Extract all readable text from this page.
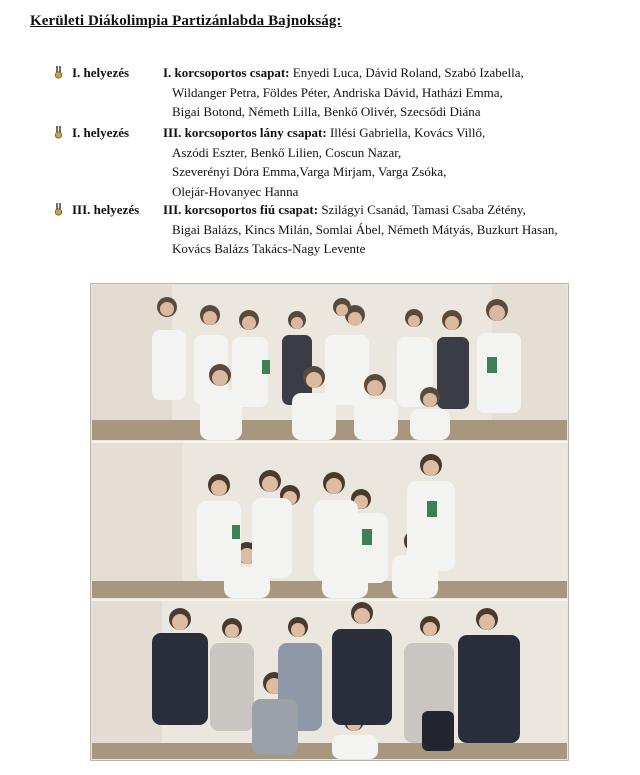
Kerületi Diákolimpia Partizánlabda Bajnokság:
I. helyezés	I. korcsoportos csapat: Enyedi Luca, Dávid Roland, Szabó Izabella,
Wildanger Petra, Földes Péter, Andriska Dávid, Hatházi Emma,
Bigai Botond, Németh Lilla, Benkő Olivér, Szecsődi Diána
I. helyezés	III. korcsoportos lány csapat: Illési Gabriella, Kovács Villő,
Aszódi Eszter, Benkő Lilien, Coscun Nazar,
Szeverényi Dóra Emma,Varga Mirjam, Varga Zsóka,
Olejár-Hovanyec Hanna
III. helyezés III. korcsoportos fiú csapat: Szilágyi Csanád, Tamasi Csaba Zétény,
Bigai Balázs, Kincs Milán, Somlai Ábel, Németh Mátyás, Buzkurt Hasan,
Kovács Balázs Takács-Nagy Levente
